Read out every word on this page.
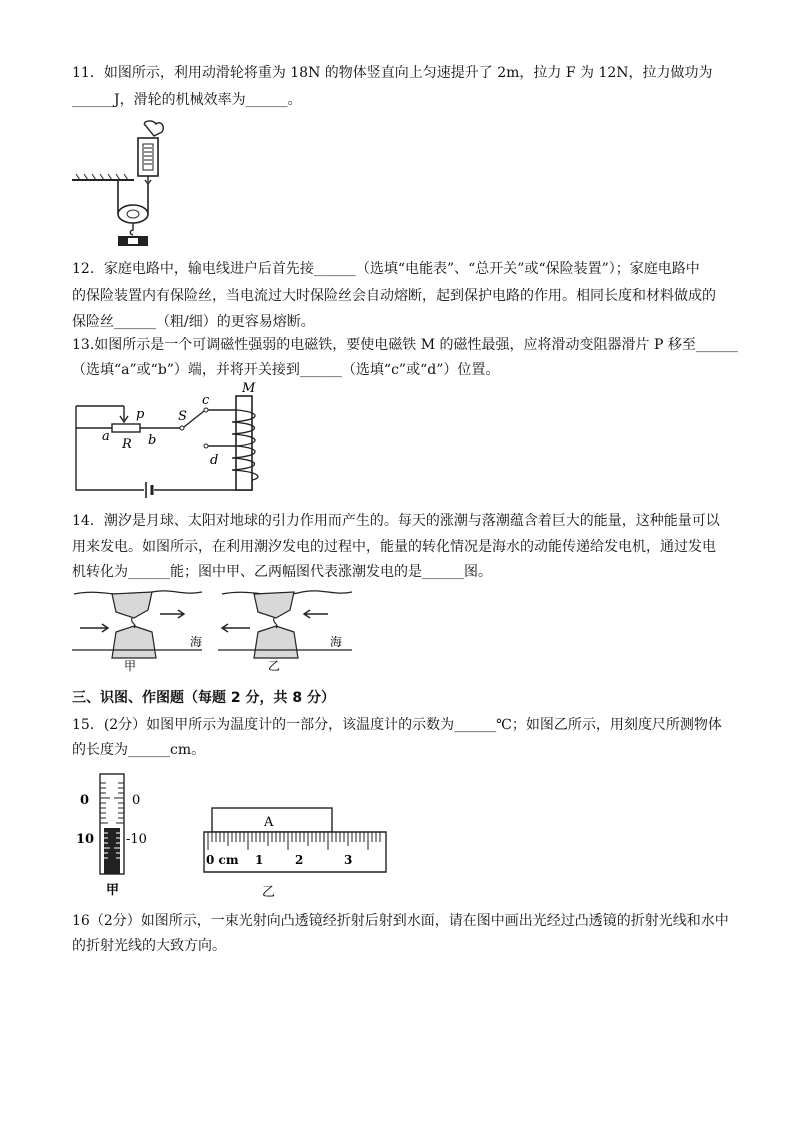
11．如图所示，利用动滑轮将重为 18N 的物体竖直向上匀速提升了 2m，拉力 F 为 12N，拉力做功为
______J，滑轮的机械效率为______。
12．家庭电路中，输电线进户后首先接______（选填“电能表”、“总开关”或“保险装置”）；家庭电路中
的保险装置内有保险丝，当电流过大时保险丝会自动熔断，起到保护电路的作用。相同长度和材料做成的
保险丝______（粗/细）的更容易熔断。
13.如图所示是一个可调磁性强弱的电磁铁，要使电磁铁 M 的磁性最强，应将滑动变阻器滑片 P 移至______
（选填“a”或“b”）端，并将开关接到______（选填“c”或“d”）位置。
p
a
R b
S
c
d
M
14．潮汐是月球、太阳对地球的引力作用而产生的。每天的涨潮与落潮蕴含着巨大的能量，这种能量可以
用来发电。如图所示，在利用潮汐发电的过程中，能量的转化情况是海水的动能传递给发电机，通过发电
机转化为______能；图中甲、乙两幅图代表涨潮发电的是______图。
海
甲
海
乙
三、识图、作图题（每题 2 分，共 8 分）
15．(2分）如图甲所示为温度计的一部分，该温度计的示数为______℃；如图乙所示，用刻度尺所测物体
的长度为______cm。
0
10
0
-10
甲
A
0 cm 1	2	3
乙
16（2分）如图所示，一束光射向凸透镜经折射后射到水面，请在图中画出光经过凸透镜的折射光线和水中
的折射光线的大致方向。
